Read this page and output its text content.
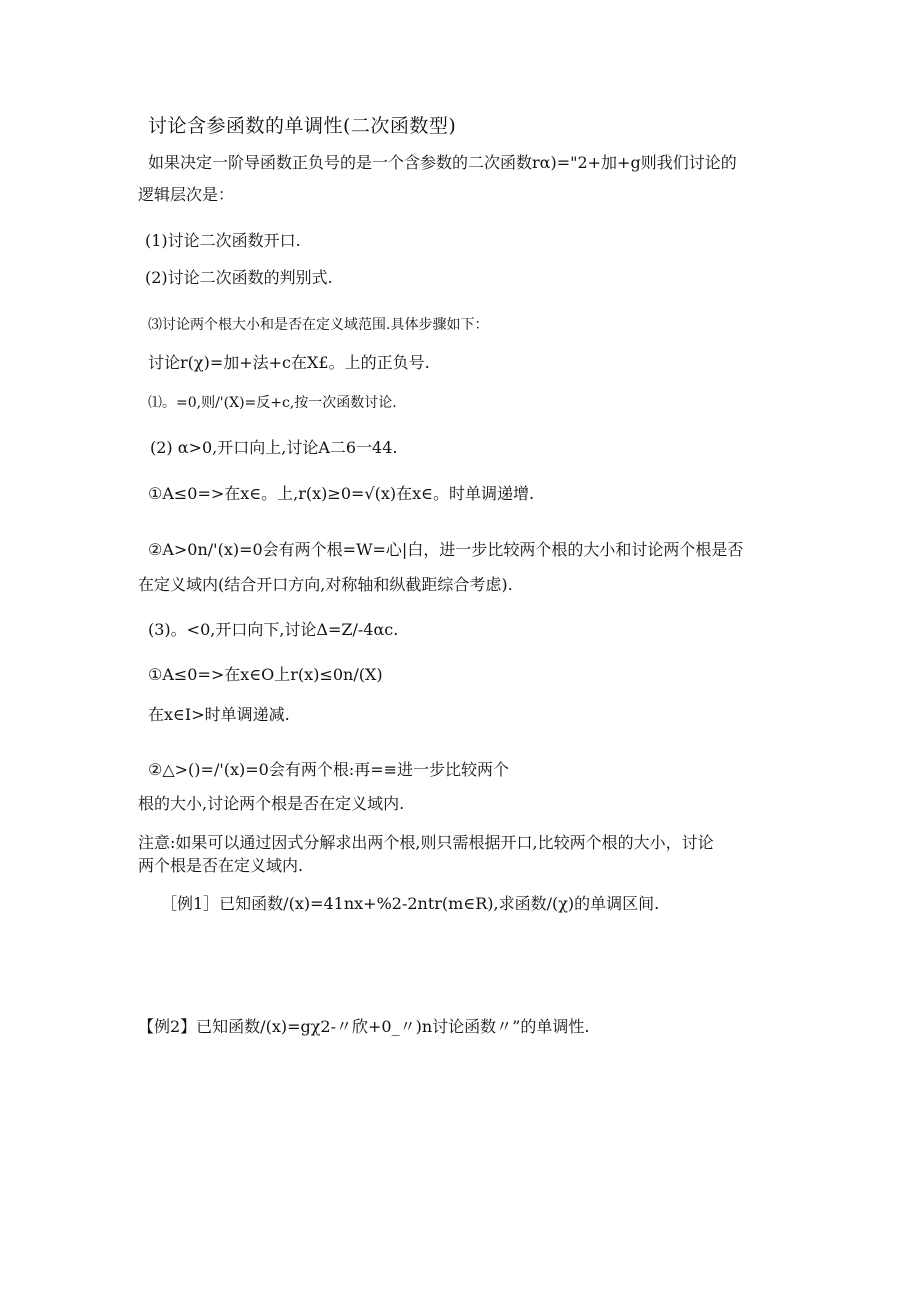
讨论含参函数的单调性(二次函数型)
如果决定一阶导函数正负号的是一个含参数的二次函数rα)="2+加+g则我们讨论的
逻辑层次是：
(1)讨论二次函数开口.
(2)讨论二次函数的判别式.
⑶讨论两个根大小和是否在定义域范围.具体步骤如下：
讨论r(χ)=加+法+c在X£。上的正负号.
⑴。=0,则/'(X)=反+c,按一次函数讨论.
(2) α>0,开口向上,讨论A二6一44.
①A≤0=>在x∈。上,r(x)≥0=√(x)在x∈。时单调递增.
②A>0n/'(x)=0会有两个根=W=心|白，进一步比较两个根的大小和讨论两个根是否
在定义域内(结合开口方向,对称轴和纵截距综合考虑).
(3)。<0,开口向下,讨论Δ=Z∕-4αc.
①A≤0=>在x∈O上r(x)≤0n∕(X)
在x∈I>时单调递减.
②△>()=/'(x)=0会有两个根:再=≡进一步比较两个
根的大小,讨论两个根是否在定义域内.
注意:如果可以通过因式分解求出两个根,则只需根据开口,比较两个根的大小，讨论
两个根是否在定义域内.
［例1］已知函数/(x)=41nx+%2-2ntr(m∈R),求函数/(χ)的单调区间.
【例2】已知函数/(x)=gχ2-〃欣+0_〃)n讨论函数〃”的单调性.
